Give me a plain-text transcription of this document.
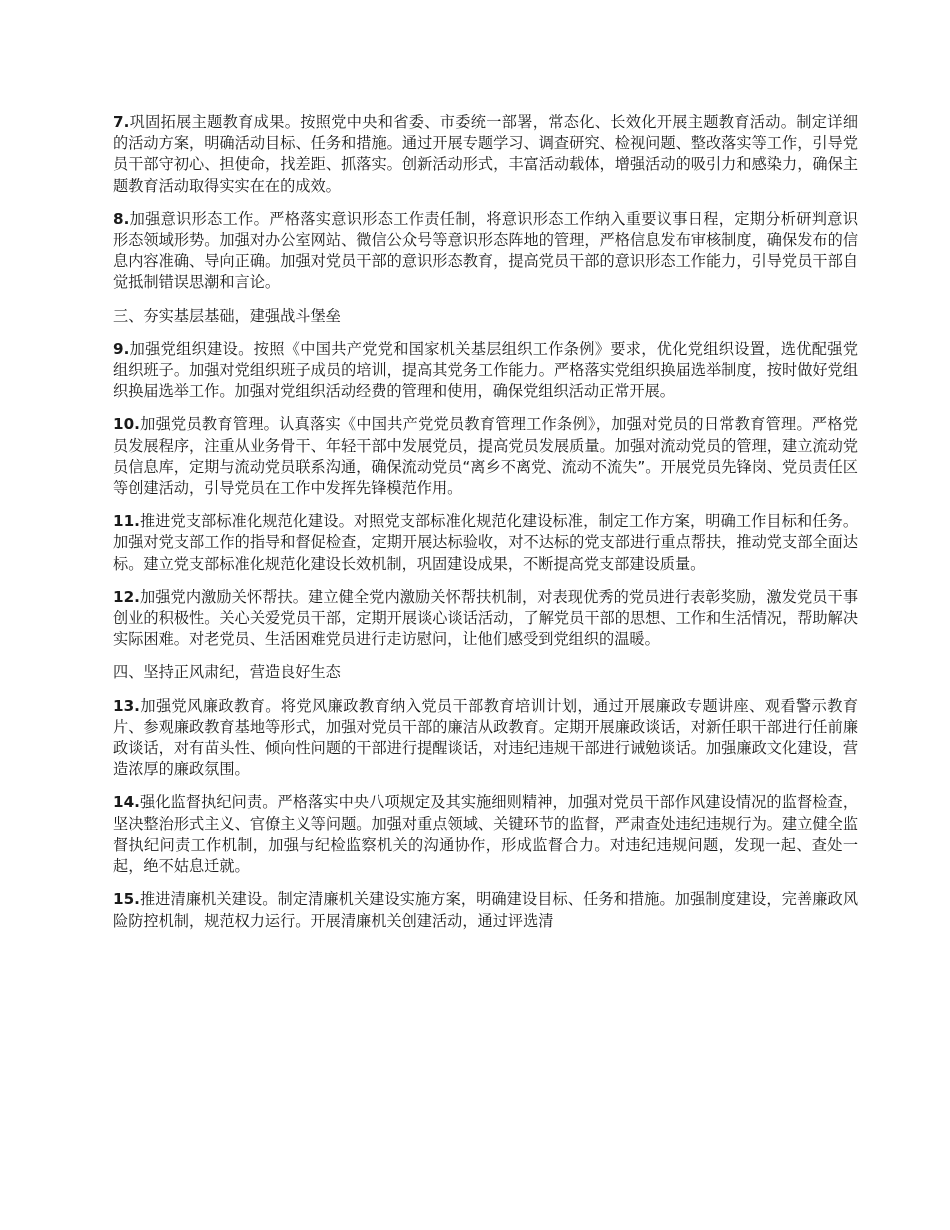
7.巩固拓展主题教育成果。按照党中央和省委、市委统一部署，常态化、长效化开展主题教育活动。制定详细的活动方案，明确活动目标、任务和措施。通过开展专题学习、调查研究、检视问题、整改落实等工作，引导党员干部守初心、担使命，找差距、抓落实。创新活动形式，丰富活动载体，增强活动的吸引力和感染力，确保主题教育活动取得实实在在的成效。

8.加强意识形态工作。严格落实意识形态工作责任制，将意识形态工作纳入重要议事日程，定期分析研判意识形态领域形势。加强对办公室网站、微信公众号等意识形态阵地的管理，严格信息发布审核制度，确保发布的信息内容准确、导向正确。加强对党员干部的意识形态教育，提高党员干部的意识形态工作能力，引导党员干部自觉抵制错误思潮和言论。

三、夯实基层基础，建强战斗堡垒

9.加强党组织建设。按照《中国共产党党和国家机关基层组织工作条例》要求，优化党组织设置，选优配强党组织班子。加强对党组织班子成员的培训，提高其党务工作能力。严格落实党组织换届选举制度，按时做好党组织换届选举工作。加强对党组织活动经费的管理和使用，确保党组织活动正常开展。

10.加强党员教育管理。认真落实《中国共产党党员教育管理工作条例》，加强对党员的日常教育管理。严格党员发展程序，注重从业务骨干、年轻干部中发展党员，提高党员发展质量。加强对流动党员的管理，建立流动党员信息库，定期与流动党员联系沟通，确保流动党员“离乡不离党、流动不流失”。开展党员先锋岗、党员责任区等创建活动，引导党员在工作中发挥先锋模范作用。

11.推进党支部标准化规范化建设。对照党支部标准化规范化建设标准，制定工作方案，明确工作目标和任务。加强对党支部工作的指导和督促检查，定期开展达标验收，对不达标的党支部进行重点帮扶，推动党支部全面达标。建立党支部标准化规范化建设长效机制，巩固建设成果，不断提高党支部建设质量。

12.加强党内激励关怀帮扶。建立健全党内激励关怀帮扶机制，对表现优秀的党员进行表彰奖励，激发党员干事创业的积极性。关心关爱党员干部，定期开展谈心谈话活动，了解党员干部的思想、工作和生活情况，帮助解决实际困难。对老党员、生活困难党员进行走访慰问，让他们感受到党组织的温暖。

四、坚持正风肃纪，营造良好生态

13.加强党风廉政教育。将党风廉政教育纳入党员干部教育培训计划，通过开展廉政专题讲座、观看警示教育片、参观廉政教育基地等形式，加强对党员干部的廉洁从政教育。定期开展廉政谈话，对新任职干部进行任前廉政谈话，对有苗头性、倾向性问题的干部进行提醒谈话，对违纪违规干部进行诫勉谈话。加强廉政文化建设，营造浓厚的廉政氛围。

14.强化监督执纪问责。严格落实中央八项规定及其实施细则精神，加强对党员干部作风建设情况的监督检查，坚决整治形式主义、官僚主义等问题。加强对重点领域、关键环节的监督，严肃查处违纪违规行为。建立健全监督执纪问责工作机制，加强与纪检监察机关的沟通协作，形成监督合力。对违纪违规问题，发现一起、查处一起，绝不姑息迁就。

15.推进清廉机关建设。制定清廉机关建设实施方案，明确建设目标、任务和措施。加强制度建设，完善廉政风险防控机制，规范权力运行。开展清廉机关创建活动，通过评选清
